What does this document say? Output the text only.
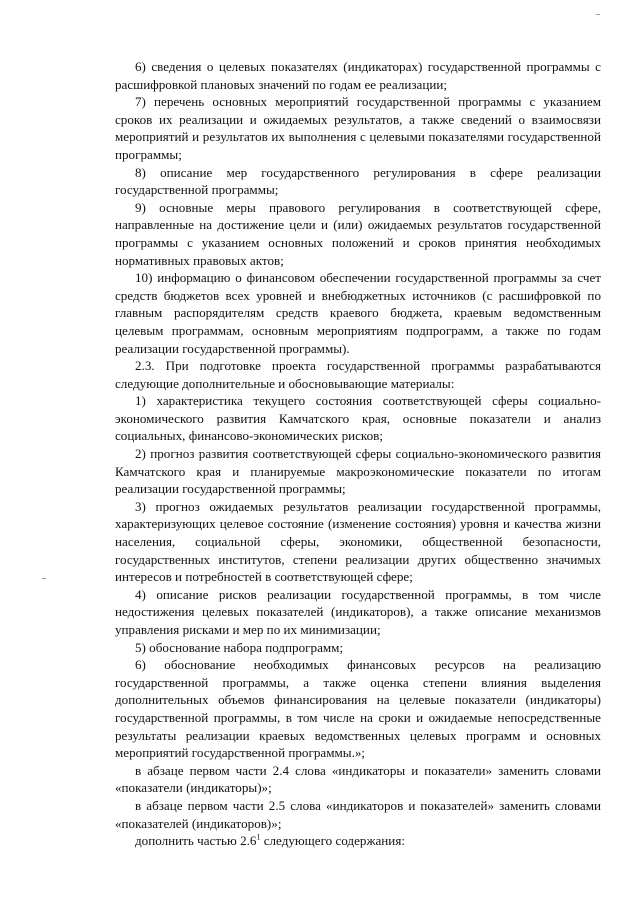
6) сведения о целевых показателях (индикаторах) государственной программы с расшифровкой плановых значений по годам ее реализации;

7) перечень основных мероприятий государственной программы с указанием сроков их реализации и ожидаемых результатов, а также сведений о взаимосвязи мероприятий и результатов их выполнения с целевыми показателями государственной программы;

8) описание мер государственного регулирования в сфере реализации государственной программы;

9) основные меры правового регулирования в соответствующей сфере, направленные на достижение цели и (или) ожидаемых результатов государственной программы с указанием основных положений и сроков принятия необходимых нормативных правовых актов;

10) информацию о финансовом обеспечении государственной программы за счет средств бюджетов всех уровней и внебюджетных источников (с расшифровкой по главным распорядителям средств краевого бюджета, краевым ведомственным целевым программам, основным мероприятиям подпрограмм, а также по годам реализации государственной программы).

2.3. При подготовке проекта государственной программы разрабатываются следующие дополнительные и обосновывающие материалы:

1) характеристика текущего состояния соответствующей сферы социально-экономического развития Камчатского края, основные показатели и анализ социальных, финансово-экономических рисков;

2) прогноз развития соответствующей сферы социально-экономического развития Камчатского края и планируемые макроэкономические показатели по итогам реализации государственной программы;

3) прогноз ожидаемых результатов реализации государственной программы, характеризующих целевое состояние (изменение состояния) уровня и качества жизни населения, социальной сферы, экономики, общественной безопасности, государственных институтов, степени реализации других общественно значимых интересов и потребностей в соответствующей сфере;

4) описание рисков реализации государственной программы, в том числе недостижения целевых показателей (индикаторов), а также описание механизмов управления рисками и мер по их минимизации;

5) обоснование набора подпрограмм;

6) обоснование необходимых финансовых ресурсов на реализацию государственной программы, а также оценка степени влияния выделения дополнительных объемов финансирования на целевые показатели (индикаторы) государственной программы, в том числе на сроки и ожидаемые непосредственные результаты реализации краевых ведомственных целевых программ и основных мероприятий государственной программы.»;

в абзаце первом части 2.4 слова «индикаторы и показатели» заменить словами «показатели (индикаторы)»;

в абзаце первом части 2.5 слова «индикаторов и показателей» заменить словами «показателей (индикаторов)»;

дополнить частью $2.6^1$ следующего содержания:
